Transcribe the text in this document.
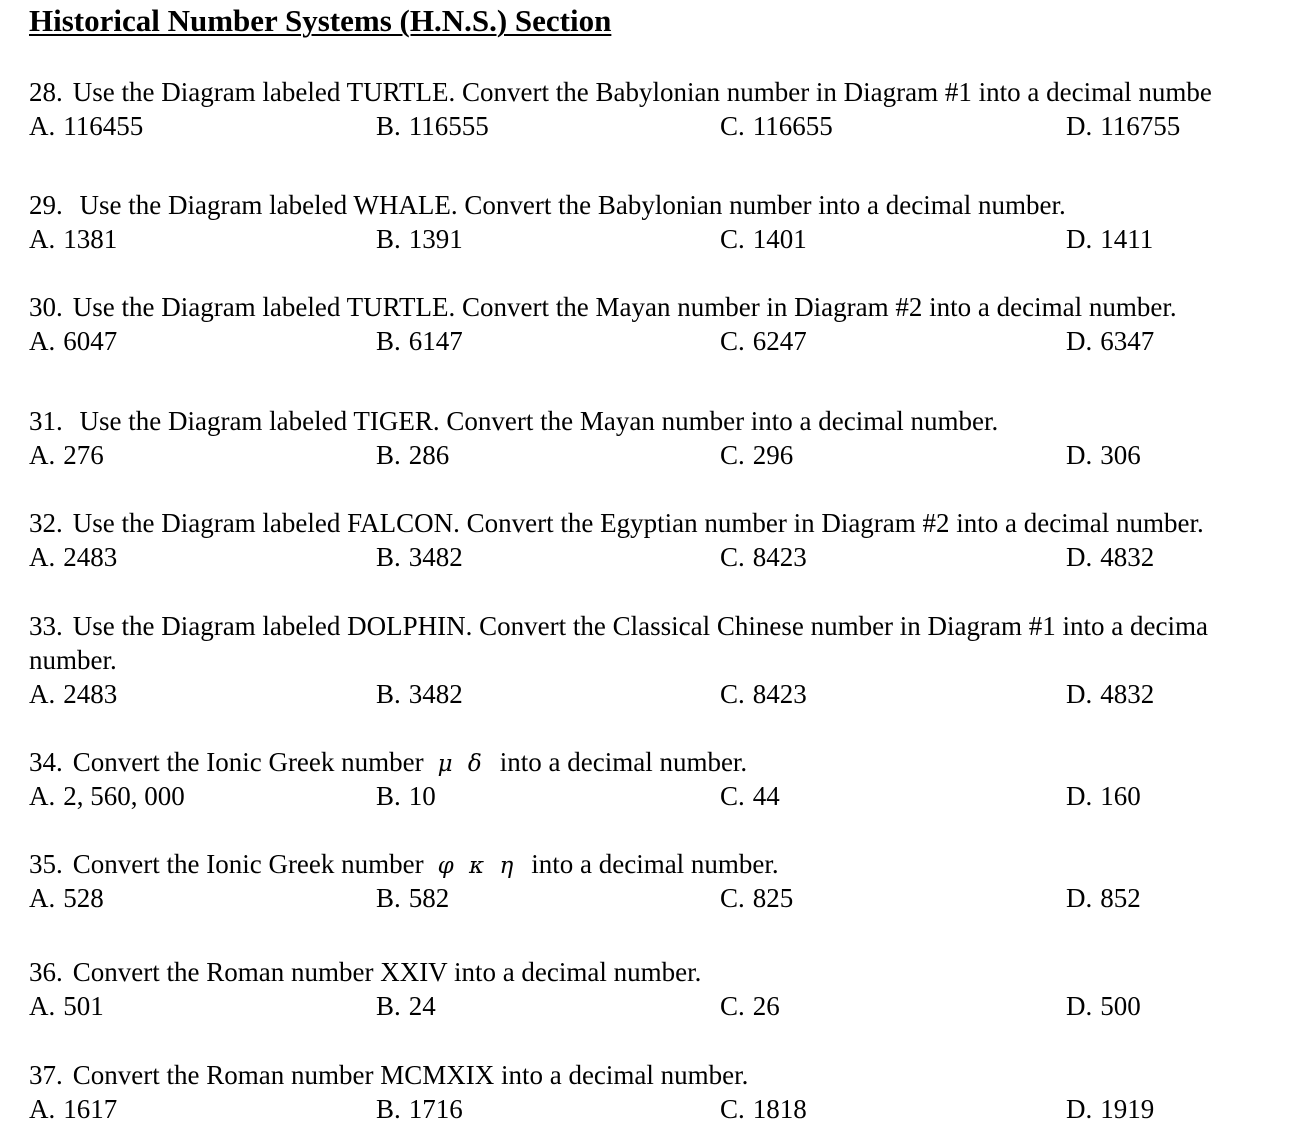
Historical Number Systems (H.N.S.) Section

28. Use the Diagram labeled TURTLE. Convert the Babylonian number in Diagram #1 into a decimal numbe

A. 116455	B. 116555	C. 116655	D. 116755

29. Use the Diagram labeled WHALE. Convert the Babylonian number into a decimal number.

A. 1381	B. 1391	C. 1401	D. 1411

30. Use the Diagram labeled TURTLE. Convert the Mayan number in Diagram #2 into a decimal number.

A. 6047	B. 6147	C. 6247	D. 6347

31. Use the Diagram labeled TIGER. Convert the Mayan number into a decimal number.

A. 276	B. 286	C. 296	D. 306

32. Use the Diagram labeled FALCON. Convert the Egyptian number in Diagram #2 into a decimal number.

A. 2483	B. 3482	C. 8423	D. 4832

33. Use the Diagram labeled DOLPHIN. Convert the Classical Chinese number in Diagram #1 into a decima

number.

A. 2483	B. 3482	C. 8423	D. 4832

34. Convert the Ionic Greek number μ δ into a decimal number.

A. 2, 560, 000	B. 10	C. 44	D. 160

35. Convert the Ionic Greek number φ κ η into a decimal number.

A. 528	B. 582	C. 825	D. 852

36. Convert the Roman number XXIV into a decimal number.

A. 501	B. 24	C. 26	D. 500

37. Convert the Roman number MCMXIX into a decimal number.

A. 1617	B. 1716	C. 1818	D. 1919
